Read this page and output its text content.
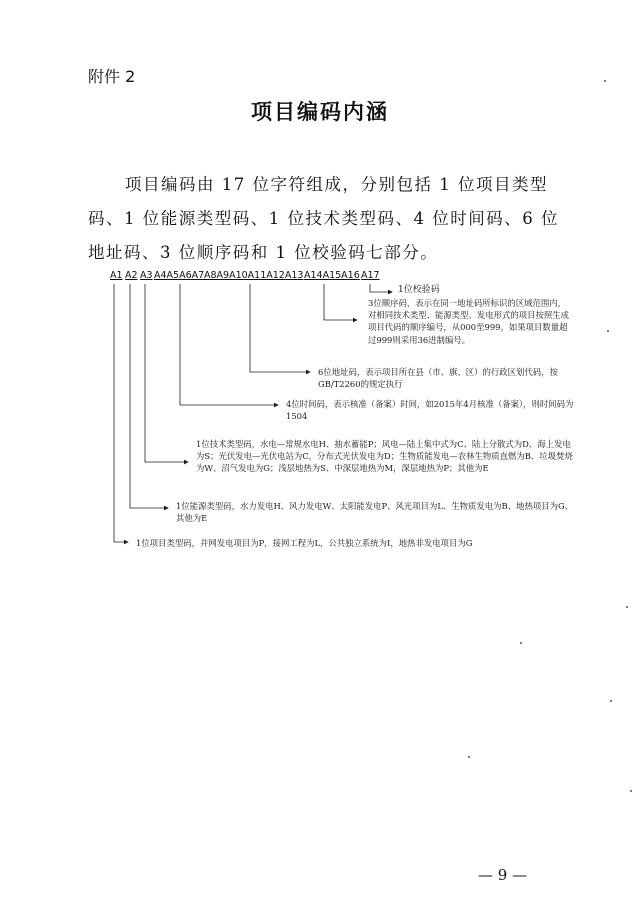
附件 2
项目编码内涵
项目编码由 17 位字符组成，分别包括 1 位项目类型码、1 位能源类型码、1 位技术类型码、4 位时间码、6 位地址码、3 位顺序码和 1 位校验码七部分。
A1 A2 A3 A4A5A6A7 A8A9A10A11A12A13 A14A15A16 A17
1位校验码
3位顺序码，表示在同一地址码所标识的区域范围内，对相同技术类型、能源类型、发电形式的项目按照生成项目代码的顺序编号，从000至999，如果项目数量超过999则采用36进制编号。
6位地址码，表示项目所在县（市、旗、区）的行政区划代码，按GB/T2260的规定执行
4位时间码，表示核准（备案）时间，如2015年4月核准（备案），则时间码为1504
1位技术类型码，水电—常规水电H、抽水蓄能P；风电—陆上集中式为C、陆上分散式为D、海上发电为S；光伏发电—光伏电站为C，分布式光伏发电为D；生物质能发电—农林生物质直燃为B、垃圾焚烧为W、沼气发电为G；浅层地热为S、中深层地热为M，深层地热为P；其他为E
1位能源类型码，水力发电H、风力发电W、太阳能发电P、风光项目为L、生物质发电为B、地热项目为G、其他为E
1位项目类型码，并网发电项目为P，接网工程为L，公共独立系统为I，地热非发电项目为G
— 9 —
